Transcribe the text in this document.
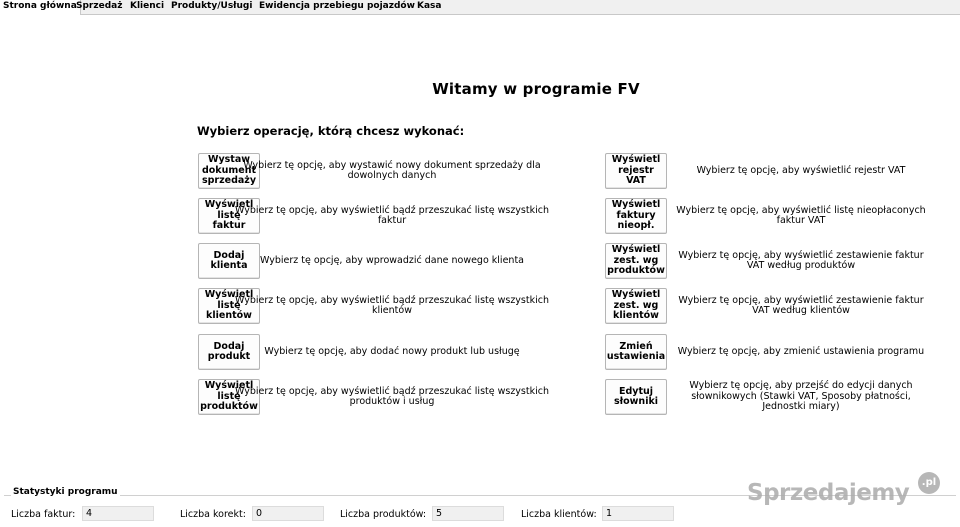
Strona główna Sprzedaż Klienci Produkty/Usługi Ewidencja przebiegu pojazdów Kasa
Witamy w programie FV
Wybierz operację, którą chcesz wykonać:
Wystaw
dokument
sprzedaży
Wybierz tę opcję, aby wystawić nowy dokument sprzedaży dla dowolnych danych
Wyświetl
listę faktur
Wybierz tę opcję, aby wyświetlić bądź przeszukać listę wszystkich faktur
Dodaj
klienta	Wybierz tę opcję, aby wprowadzić dane nowego klienta
Wyświetl
listę
klientów
Wybierz tę opcję, aby wyświetlić bądź przeszukać listę wszystkich klientów
Dodaj
produkt	Wybierz tę opcję, aby dodać nowy produkt lub usługę
Wyświetl
listę
produktów
Wybierz tę opcję, aby wyświetlić bądź przeszukać listę wszystkich produktów i usług
Wyświetl
rejestr
VAT
Wybierz tę opcję, aby wyświetlić rejestr VAT
Wyświetl
faktury
nieopł.
Wybierz tę opcję, aby wyświetlić listę nieopłaconych faktur VAT
Wyświetl
zest. wg
produktów
Wybierz tę opcję, aby wyświetlić zestawienie faktur VAT według produktów
Wyświetl
zest. wg
klientów
Wybierz tę opcję, aby wyświetlić zestawienie faktur VAT według klientów
Zmień
ustawienia	Wybierz tę opcję, aby zmienić ustawienia programu
Edytuj
słowniki
Wybierz tę opcję, aby przejść do edycji danych słownikowych (Stawki VAT, Sposoby płatności, Jednostki miary)
Statystyki programu
Liczba faktur:	4	Liczba korekt:	0	Liczba produktów:	5	Liczba klientów: 1
Sprzedajemy	.pl
